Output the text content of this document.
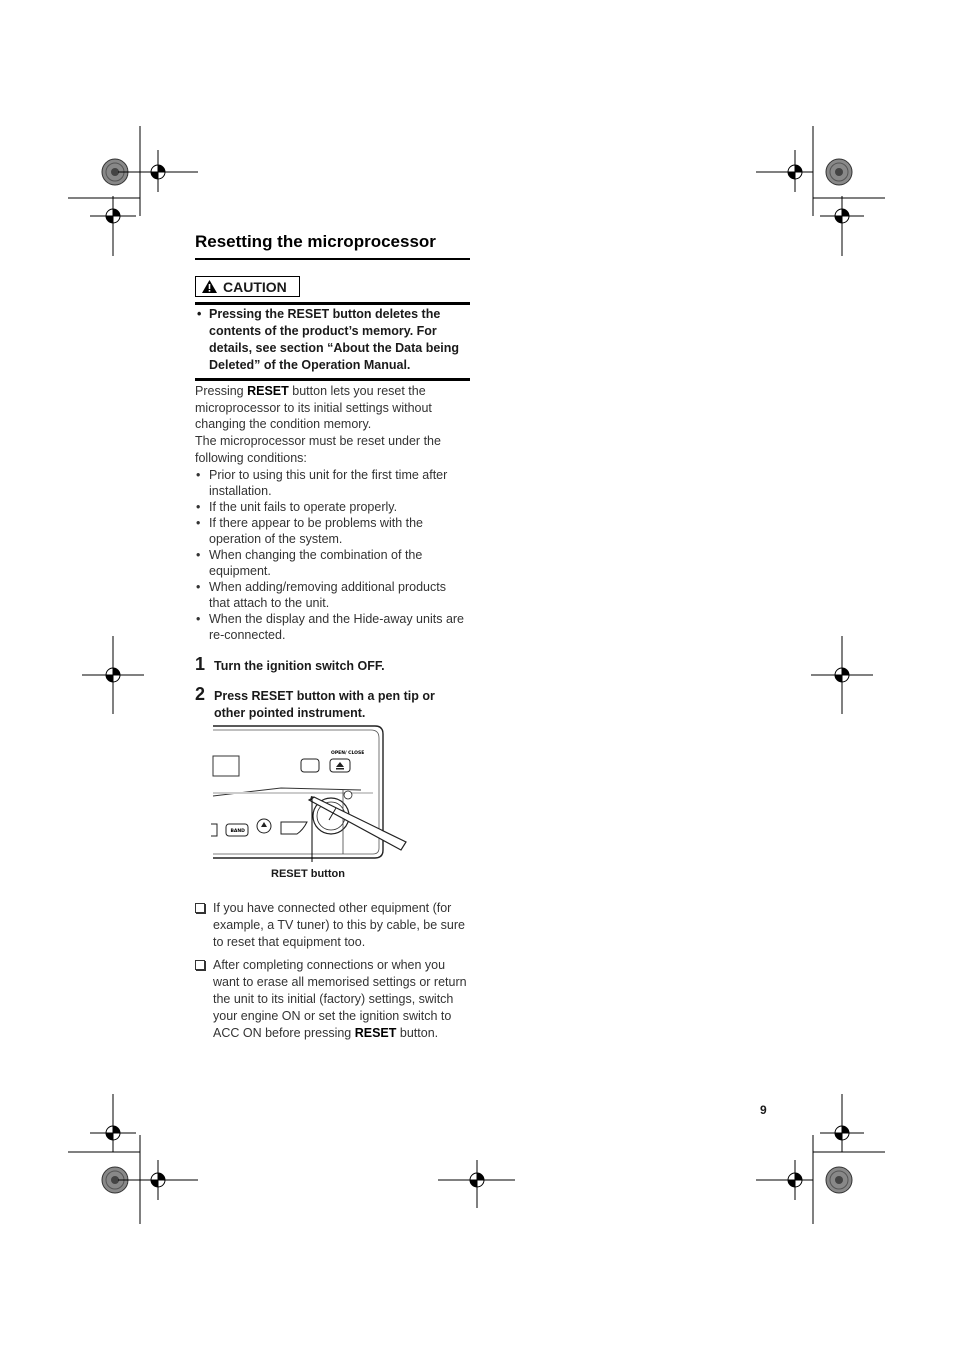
Resetting the microprocessor
CAUTION
• Pressing the RESET button deletes the contents of the product’s memory. For details, see section “About the Data being Deleted” of the Operation Manual.
Pressing RESET button lets you reset the microprocessor to its initial settings without changing the condition memory.
The microprocessor must be reset under the following conditions:
• Prior to using this unit for the first time after installation.
• If the unit fails to operate properly.
• If there appear to be problems with the operation of the system.
• When changing the combination of the equipment.
• When adding/removing additional products that attach to the unit.
• When the display and the Hide-away units are re-connected.
1 Turn the ignition switch OFF.
2 Press RESET button with a pen tip or other pointed instrument.
OPEN/ CLOSE
BAND
RESET button
If you have connected other equipment (for example, a TV tuner) to this by cable, be sure to reset that equipment too.
After completing connections or when you want to erase all memorised settings or return the unit to its initial (factory) settings, switch your engine ON or set the ignition switch to ACC ON before pressing RESET button.
9
